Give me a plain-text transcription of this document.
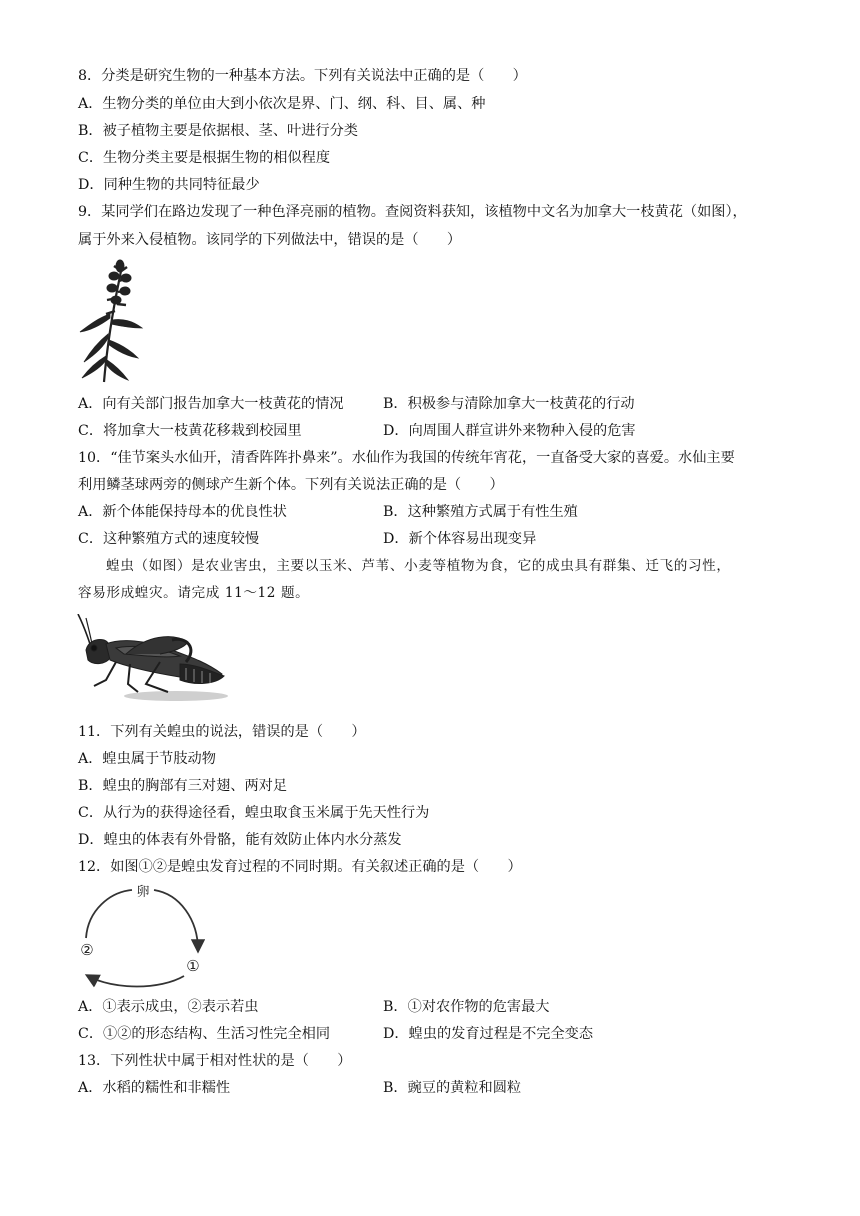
8．分类是研究生物的一种基本方法。下列有关说法中正确的是（　　）
A．生物分类的单位由大到小依次是界、门、纲、科、目、属、种
B．被子植物主要是依据根、茎、叶进行分类
C．生物分类主要是根据生物的相似程度
D．同种生物的共同特征最少
9．某同学们在路边发现了一种色泽亮丽的植物。查阅资料获知，该植物中文名为加拿大一枝黄花（如图），
属于外来入侵植物。该同学的下列做法中，错误的是（　　）
A．向有关部门报告加拿大一枝黄花的情况	B．积极参与清除加拿大一枝黄花的行动
C．将加拿大一枝黄花移栽到校园里	D．向周围人群宣讲外来物种入侵的危害
10．“佳节案头水仙开，清香阵阵扑鼻来”。水仙作为我国的传统年宵花，一直备受大家的喜爱。水仙主要
利用鳞茎球两旁的侧球产生新个体。下列有关说法正确的是（　　）
A．新个体能保持母本的优良性状	B．这种繁殖方式属于有性生殖
C．这种繁殖方式的速度较慢	D．新个体容易出现变异
蝗虫（如图）是农业害虫，主要以玉米、芦苇、小麦等植物为食，它的成虫具有群集、迁飞的习性，
容易形成蝗灾。请完成 11～12 题。
11．下列有关蝗虫的说法，错误的是（　　）
A．蝗虫属于节肢动物
B．蝗虫的胸部有三对翅、两对足
C．从行为的获得途径看，蝗虫取食玉米属于先天性行为
D．蝗虫的体表有外骨骼，能有效防止体内水分蒸发
12．如图①②是蝗虫发育过程的不同时期。有关叙述正确的是（　　）
卵
①
②
A．①表示成虫，②表示若虫	B．①对农作物的危害最大
C．①②的形态结构、生活习性完全相同	D．蝗虫的发育过程是不完全变态
13．下列性状中属于相对性状的是（　　）
A．水稻的糯性和非糯性	B．豌豆的黄粒和圆粒
